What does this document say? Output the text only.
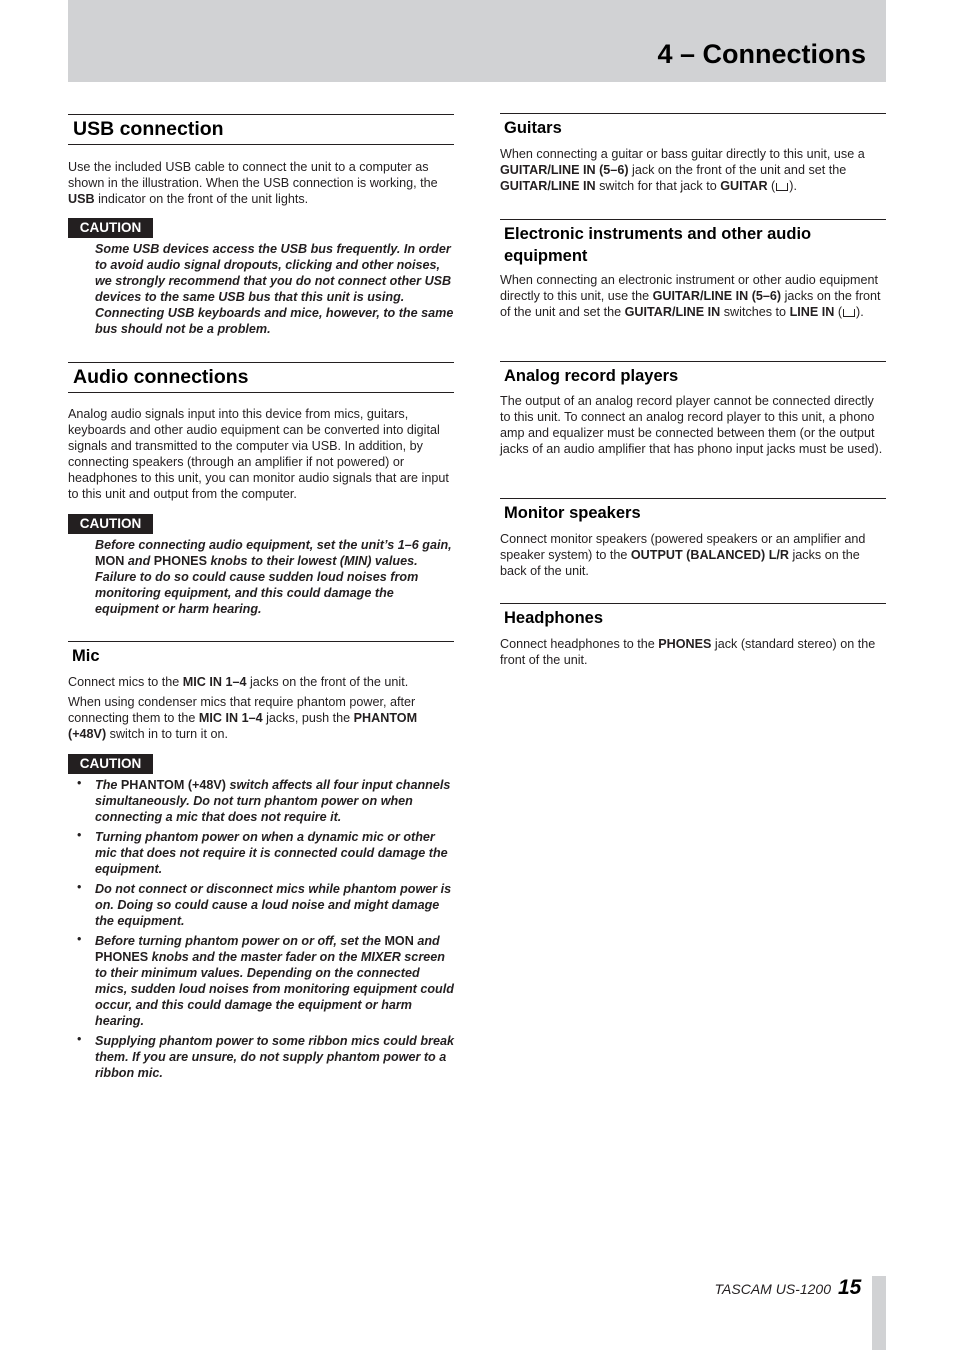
4 – Connections
USB connection

Use the included USB cable to connect the unit to a computer as shown in the illustration. When the USB connection is working, the USB indicator on the front of the unit lights.

CAUTION

Some USB devices access the USB bus frequently. In order to avoid audio signal dropouts, clicking and other noises, we strongly recommend that you do not connect other USB devices to the same USB bus that this unit is using. Connecting USB keyboards and mice, however, to the same bus should not be a problem.

Audio connections

Analog audio signals input into this device from mics, guitars, keyboards and other audio equipment can be converted into digital signals and transmitted to the computer via USB. In addition, by connecting speakers (through an amplifier if not powered) or headphones to this unit, you can monitor audio signals that are input to this unit and output from the computer.

CAUTION

Before connecting audio equipment, set the unit’s 1–6 gain, MON and PHONES knobs to their lowest (MIN) values. Failure to do so could cause sudden loud noises from monitoring equipment, and this could damage the equipment or harm hearing.

Mic

Connect mics to the MIC IN 1–4 jacks on the front of the unit.

When using condenser mics that require phantom power, after connecting them to the MIC IN 1–4 jacks, push the PHANTOM (+48V) switch in to turn it on.

CAUTION
• The PHANTOM (+48V) switch affects all four input channels simultaneously. Do not turn phantom power on when connecting a mic that does not require it.
• Turning phantom power on when a dynamic mic or other mic that does not require it is connected could damage the equipment.
• Do not connect or disconnect mics while phantom power is on. Doing so could cause a loud noise and might damage the equipment.
• Before turning phantom power on or off, set the MON and PHONES knobs and the master fader on the MIXER screen to their minimum values. Depending on the connected mics, sudden loud noises from monitoring equipment could occur, and this could damage the equipment or harm hearing.
• Supplying phantom power to some ribbon mics could break them. If you are unsure, do not supply phantom power to a ribbon mic.
Guitars

When connecting a guitar or bass guitar directly to this unit, use a GUITAR/LINE IN (5–6) jack on the front of the unit and set the GUITAR/LINE IN switch for that jack to GUITAR ( ).

Electronic instruments and other audio equipment

When connecting an electronic instrument or other audio equipment directly to this unit, use the GUITAR/LINE IN (5–6) jacks on the front of the unit and set the GUITAR/LINE IN switches to LINE IN ( ).

Analog record players

The output of an analog record player cannot be connected directly to this unit. To connect an analog record player to this unit, a phono amp and equalizer must be connected between them (or the output jacks of an audio amplifier that has phono input jacks must be used).

Monitor speakers

Connect monitor speakers (powered speakers or an amplifier and speaker system) to the OUTPUT (BALANCED) L/R jacks on the back of the unit.

Headphones

Connect headphones to the PHONES jack (standard stereo) on the front of the unit.

TASCAM US-1200 15
